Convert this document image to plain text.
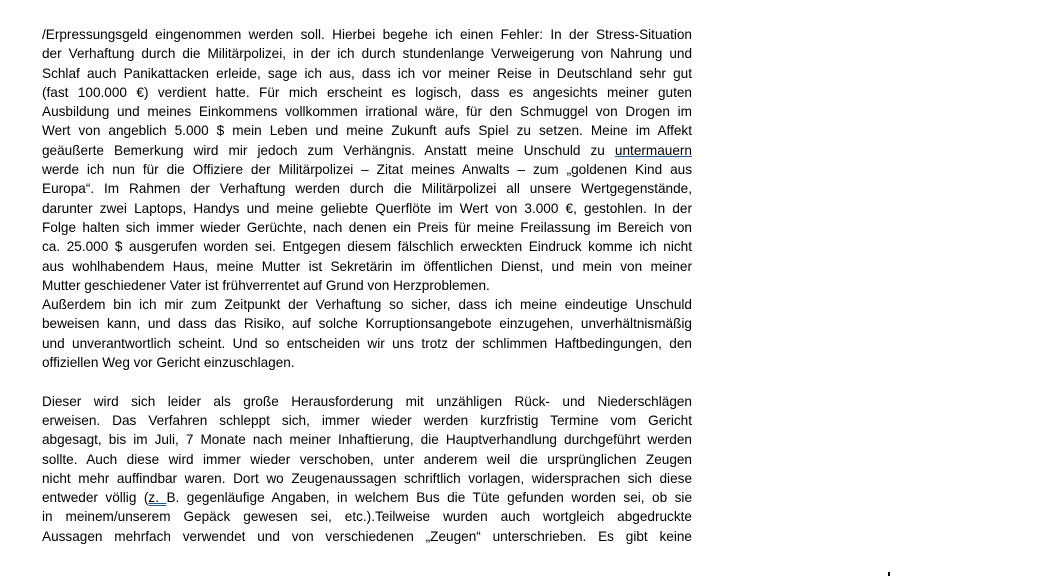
/Erpressungsgeld eingenommen werden soll. Hierbei begehe ich einen Fehler: In der Stress-Situation
der Verhaftung durch die Militärpolizei, in der ich durch stundenlange Verweigerung von Nahrung und
Schlaf auch Panikattacken erleide, sage ich aus, dass ich vor meiner Reise in Deutschland sehr gut
(fast 100.000 €) verdient hatte. Für mich erscheint es logisch, dass es angesichts meiner guten
Ausbildung und meines Einkommens vollkommen irrational wäre, für den Schmuggel von Drogen im
Wert von angeblich 5.000 $ mein Leben und meine Zukunft aufs Spiel zu setzen. Meine im Affekt
geäußerte Bemerkung wird mir jedoch zum Verhängnis. Anstatt meine Unschuld zu untermauern
werde ich nun für die Offiziere der Militärpolizei – Zitat meines Anwalts – zum „goldenen Kind aus
Europa“. Im Rahmen der Verhaftung werden durch die Militärpolizei all unsere Wertgegenstände,
darunter zwei Laptops, Handys und meine geliebte Querflöte im Wert von 3.000 €, gestohlen. In der
Folge halten sich immer wieder Gerüchte, nach denen ein Preis für meine Freilassung im Bereich von
ca. 25.000 $ ausgerufen worden sei. Entgegen diesem fälschlich erweckten Eindruck komme ich nicht
aus wohlhabendem Haus, meine Mutter ist Sekretärin im öffentlichen Dienst, und mein von meiner
Mutter geschiedener Vater ist frühverrentet auf Grund von Herzproblemen.
Außerdem bin ich mir zum Zeitpunkt der Verhaftung so sicher, dass ich meine eindeutige Unschuld
beweisen kann, und dass das Risiko, auf solche Korruptionsangebote einzugehen, unverhältnismäßig
und unverantwortlich scheint. Und so entscheiden wir uns trotz der schlimmen Haftbedingungen, den
offiziellen Weg vor Gericht einzuschlagen.
Dieser wird sich leider als große Herausforderung mit unzähligen Rück- und Niederschlägen
erweisen. Das Verfahren schleppt sich, immer wieder werden kurzfristig Termine vom Gericht
abgesagt, bis im Juli, 7 Monate nach meiner Inhaftierung, die Hauptverhandlung durchgeführt werden
sollte. Auch diese wird immer wieder verschoben, unter anderem weil die ursprünglichen Zeugen
nicht mehr auffindbar waren. Dort wo Zeugenaussagen schriftlich vorlagen, widersprachen sich diese
entweder völlig (z. B. gegenläufige Angaben, in welchem Bus die Tüte gefunden worden sei, ob sie
in meinem/unserem Gepäck gewesen sei, etc.).Teilweise wurden auch wortgleich abgedruckte
Aussagen mehrfach verwendet und von verschiedenen „Zeugen“ unterschrieben. Es gibt keine
